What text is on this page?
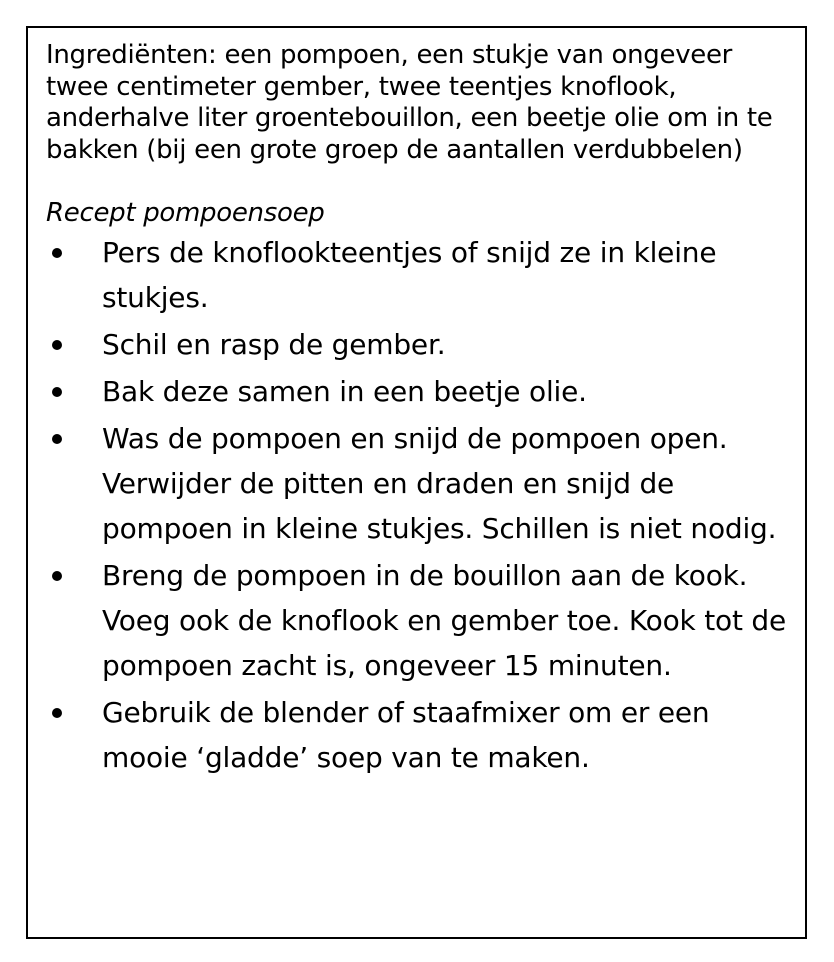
Ingrediënten: een pompoen, een stukje van ongeveer twee centimeter gember, twee teentjes knoflook, anderhalve liter groentebouillon, een beetje olie om in te bakken (bij een grote groep de aantallen verdubbelen)

Recept pompoensoep

Pers de knoflookteentjes of snijd ze in kleine stukjes.
Schil en rasp de gember.
Bak deze samen in een beetje olie.
Was de pompoen en snijd de pompoen open. Verwijder de pitten en draden en snijd de pompoen in kleine stukjes. Schillen is niet nodig.
Breng de pompoen in de bouillon aan de kook. Voeg ook de knoflook en gember toe. Kook tot de pompoen zacht is, ongeveer 15 minuten.
Gebruik de blender of staafmixer om er een mooie ‘gladde’ soep van te maken.
